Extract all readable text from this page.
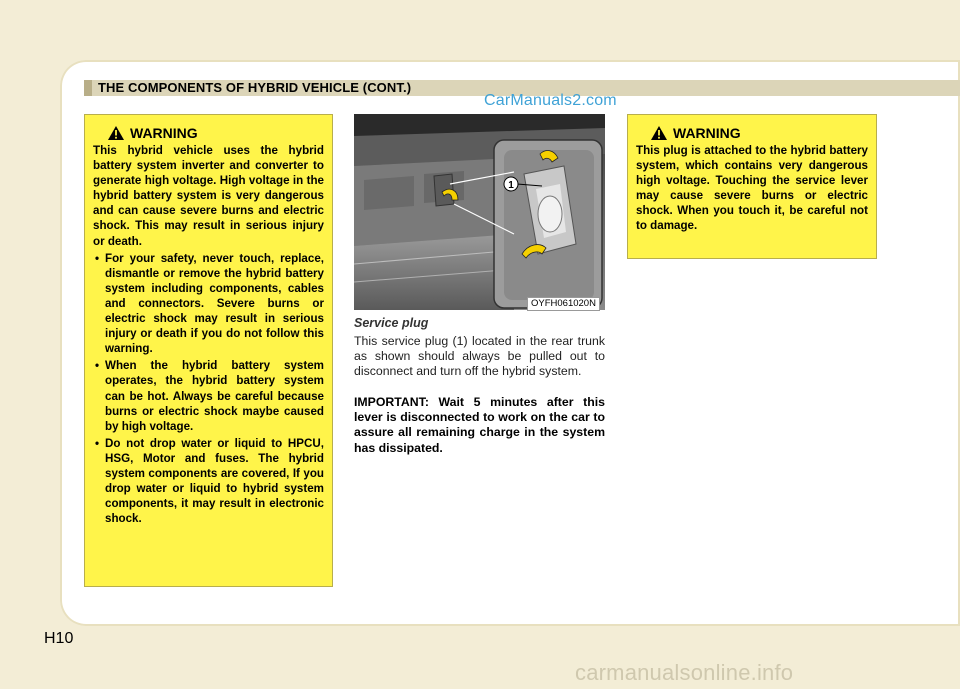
THE COMPONENTS OF HYBRID VEHICLE (CONT.)
CarManuals2.com
WARNING
This hybrid vehicle uses the hybrid battery system inverter and converter to generate high voltage. High voltage in the hybrid battery system is very dangerous and can cause severe burns and electric shock. This may result in serious injury or death.
• For your safety, never touch, replace, dismantle or remove the hybrid battery system including components, cables and connectors. Severe burns or electric shock may result in serious injury or death if you do not follow this warning.
• When the hybrid battery system operates, the hybrid battery system can be hot. Always be careful because burns or electric shock maybe caused by high voltage.
• Do not drop water or liquid to HPCU, HSG, Motor and fuses. The hybrid system components are covered, If you drop water or liquid to hybrid system components, it may result in electronic shock.
1
OYFH061020N
Service plug
This service plug (1) located in the rear trunk as shown should always be pulled out to disconnect and turn off the hybrid system.
IMPORTANT: Wait 5 minutes after this lever is disconnected to work on the car to assure all remaining charge in the system has dissipated.
WARNING
This plug is attached to the hybrid battery system, which contains very dangerous high voltage. Touching the service lever may cause severe burns or electric shock. When you touch it, be careful not to damage.
H10
carmanualsonline.info
